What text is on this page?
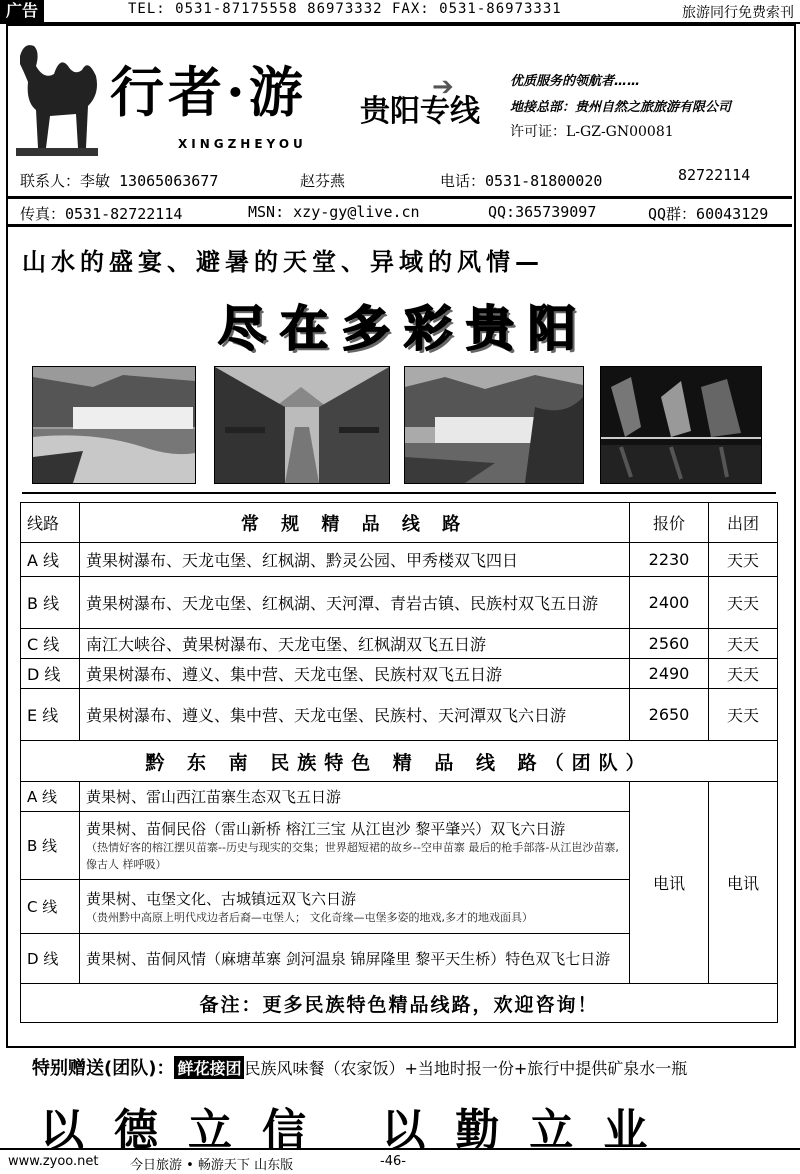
广告	TEL: 0531-87175558 86973332 FAX: 0531-86973331	旅游同行免费索刊
行者·游
XINGZHEYOU
➔
贵阳专线
优质服务的领航者……
地接总部：贵州自然之旅旅游有限公司
许可证：L-GZ-GN00081
联系人：李敏 13065063677	赵芬燕	电话：0531-81800020	82722114
传真：0531-82722114	MSN: xzy-gy@live.cn	QQ:365739097	QQ群：60043129
山水的盛宴、避暑的天堂、异域的风情—
尽在多彩贵阳
线路	常 规 精 品 线 路	报价	出团
A 线	黄果树瀑布、天龙屯堡、红枫湖、黔灵公园、甲秀楼双飞四日	2230	天天
B 线	黄果树瀑布、天龙屯堡、红枫湖、天河潭、青岩古镇、民族村双飞五日游	2400	天天
C 线	南江大峡谷、黄果树瀑布、天龙屯堡、红枫湖双飞五日游	2560	天天
D 线	黄果树瀑布、遵义、集中营、天龙屯堡、民族村双飞五日游	2490	天天
E 线	黄果树瀑布、遵义、集中营、天龙屯堡、民族村、天河潭双飞六日游	2650	天天
黔 东 南 民族特色 精 品 线 路（团队）			
A 线	黄果树、雷山西江苗寨生态双飞五日游	电讯	电讯
B 线	黄果树、苗侗民俗（雷山新桥 榕江三宝 从江岜沙 黎平肇兴）双飞六日游
（热情好客的榕江摆贝苗寨--历史与现实的交集；世界超短裙的故乡--空申苗寨 最后的枪手部落-从江岜沙苗寨,像古人 样呼吸）		

C 线	黄果树、屯堡文化、古城镇远双飞六日游
（贵州黔中高原上明代戍边者后裔—屯堡人； 文化奇缘—屯堡多姿的地戏,多才的地戏面具）		

D 线	黄果树、苗侗风情（麻塘革寨 剑河温泉 锦屏隆里 黎平天生桥）特色双飞七日游		
备注：更多民族特色精品线路，欢迎咨询！			
特别赠送(团队)： 鲜花接团 民族风味餐（农家饭）+当地时报一份+旅行中提供矿泉水一瓶
以德立信 以勤立业
www.zyoo.net 今日旅游 • 畅游天下 山东版	-46-
